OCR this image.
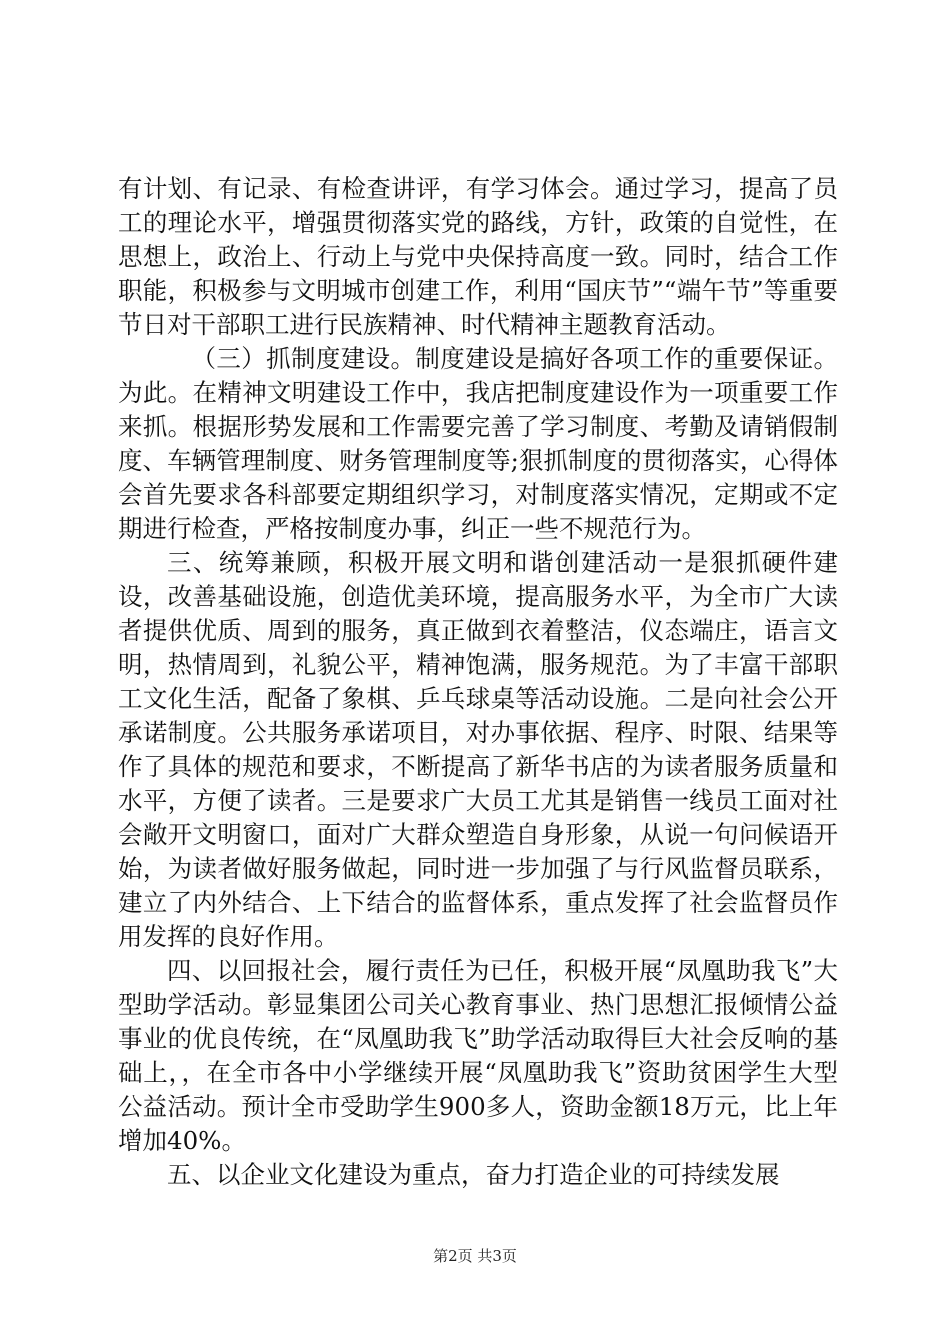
有计划、有记录、有检查讲评，有学习体会。通过学习，提高了员工的理论水平，增强贯彻落实党的路线，方针，政策的自觉性，在思想上，政治上、行动上与党中央保持高度一致。同时，结合工作职能，积极参与文明城市创建工作，利用“国庆节”“端午节”等重要节日对干部职工进行民族精神、时代精神主题教育活动。

（三）抓制度建设。制度建设是搞好各项工作的重要保证。为此。在精神文明建设工作中，我店把制度建设作为一项重要工作来抓。根据形势发展和工作需要完善了学习制度、考勤及请销假制度、车辆管理制度、财务管理制度等;狠抓制度的贯彻落实，心得体会首先要求各科部要定期组织学习，对制度落实情况，定期或不定期进行检查，严格按制度办事，纠正一些不规范行为。

三、统筹兼顾，积极开展文明和谐创建活动一是狠抓硬件建设，改善基础设施，创造优美环境，提高服务水平，为全市广大读者提供优质、周到的服务，真正做到衣着整洁，仪态端庄，语言文明，热情周到，礼貌公平，精神饱满，服务规范。为了丰富干部职工文化生活，配备了象棋、乒乓球桌等活动设施。二是向社会公开承诺制度。公共服务承诺项目，对办事依据、程序、时限、结果等作了具体的规范和要求，不断提高了新华书店的为读者服务质量和水平，方便了读者。三是要求广大员工尤其是销售一线员工面对社会敞开文明窗口，面对广大群众塑造自身形象，从说一句问候语开始，为读者做好服务做起，同时进一步加强了与行风监督员联系，建立了内外结合、上下结合的监督体系，重点发挥了社会监督员作用发挥的良好作用。

四、以回报社会，履行责任为已任，积极开展“凤凰助我飞”大型助学活动。彰显集团公司关心教育事业、热门思想汇报倾情公益事业的优良传统，在“凤凰助我飞”助学活动取得巨大社会反响的基础上，，在全市各中小学继续开展“凤凰助我飞”资助贫困学生大型公益活动。预计全市受助学生900多人，资助金额18万元，比上年增加40%。

五、以企业文化建设为重点，奋力打造企业的可持续发展

第2页 共3页
